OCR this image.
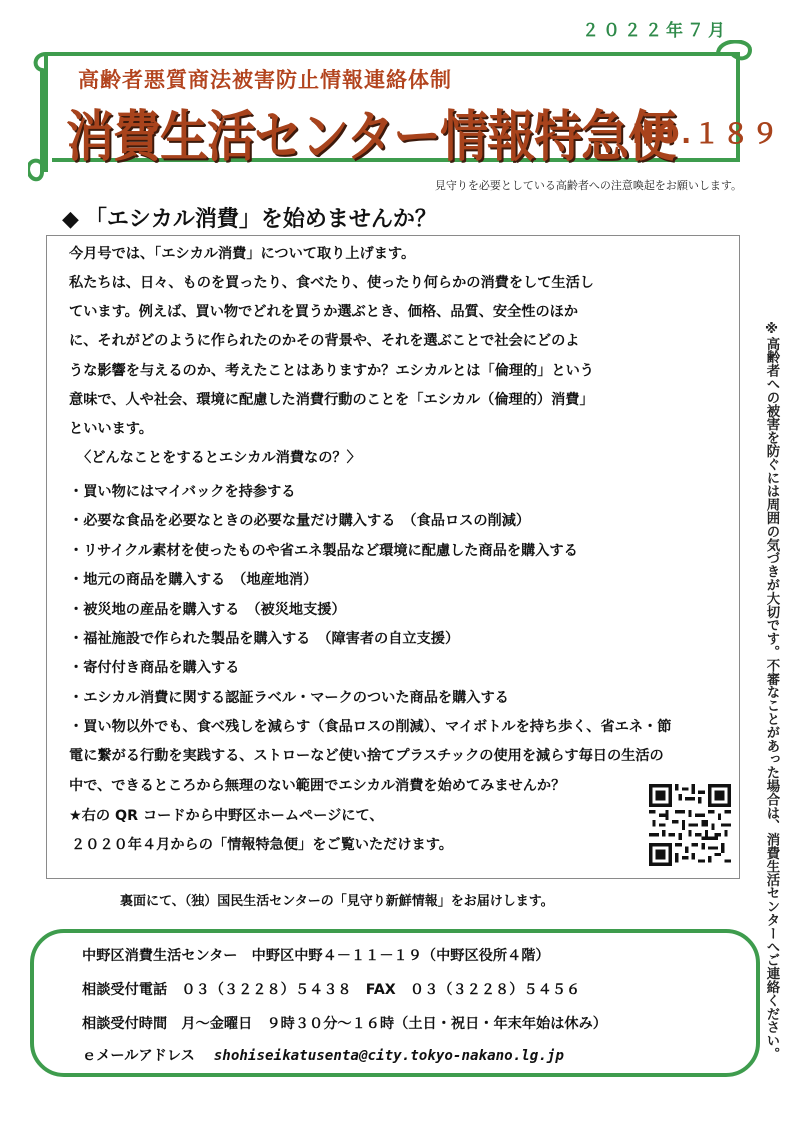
２０２２年７月
高齢者悪質商法被害防止情報連絡体制
消費生活センター情報特急便
NO.１８９
見守りを必要としている高齢者への注意喚起をお願いします。
◆ 「エシカル消費」を始めませんか？
今月号では、「エシカル消費」について取り上げます。
私たちは、日々、ものを買ったり、食べたり、使ったり何らかの消費をして生活し
ています。例えば、買い物でどれを買うか選ぶとき、価格、品質、安全性のほか
に、それがどのように作られたのかその背景や、それを選ぶことで社会にどのよ
うな影響を与えるのか、考えたことはありますか？エシカルとは「倫理的」という
意味で、人や社会、環境に配慮した消費行動のことを「エシカル（倫理的）消費」
といいます。
〈どんなことをするとエシカル消費なの？〉
・買い物にはマイバックを持参する
・必要な食品を必要なときの必要な量だけ購入する　（食品ロスの削減）
・リサイクル素材を使ったものや省エネ製品など環境に配慮した商品を購入する
・地元の商品を購入する　（地産地消）
・被災地の産品を購入する　（被災地支援）
・福祉施設で作られた製品を購入する　（障害者の自立支援）
・寄付付き商品を購入する
・エシカル消費に関する認証ラベル・マークのついた商品を購入する
・買い物以外でも、食べ残しを減らす（食品ロスの削減）、マイボトルを持ち歩く、省エネ・節
電に繋がる行動を実践する、ストローなど使い捨てプラスチックの使用を減らす毎日の生活の
中で、できるところから無理のない範囲でエシカル消費を始めてみませんか？
★右の QR コードから中野区ホームページにて、
２０２０年４月からの「情報特急便」をご覧いただけます。	※高齢者への被害を防ぐには周囲の気づきが大切です。不審なことがあった場合は、消費生活センターへご連絡ください。
裏面にて、（独）国民生活センターの「見守り新鮮情報」をお届けします。
中野区消費生活センター　中野区中野４－１１－１９（中野区役所４階）
相談受付電話　０３（３２２８）５４３８　FAX　０３（３２２８）５４５６
相談受付時間　月～金曜日　９時３０分～１６時（土日・祝日・年末年始は休み）
ｅメールアドレス shohiseikatusenta@city.tokyo-nakano.lg.jp
